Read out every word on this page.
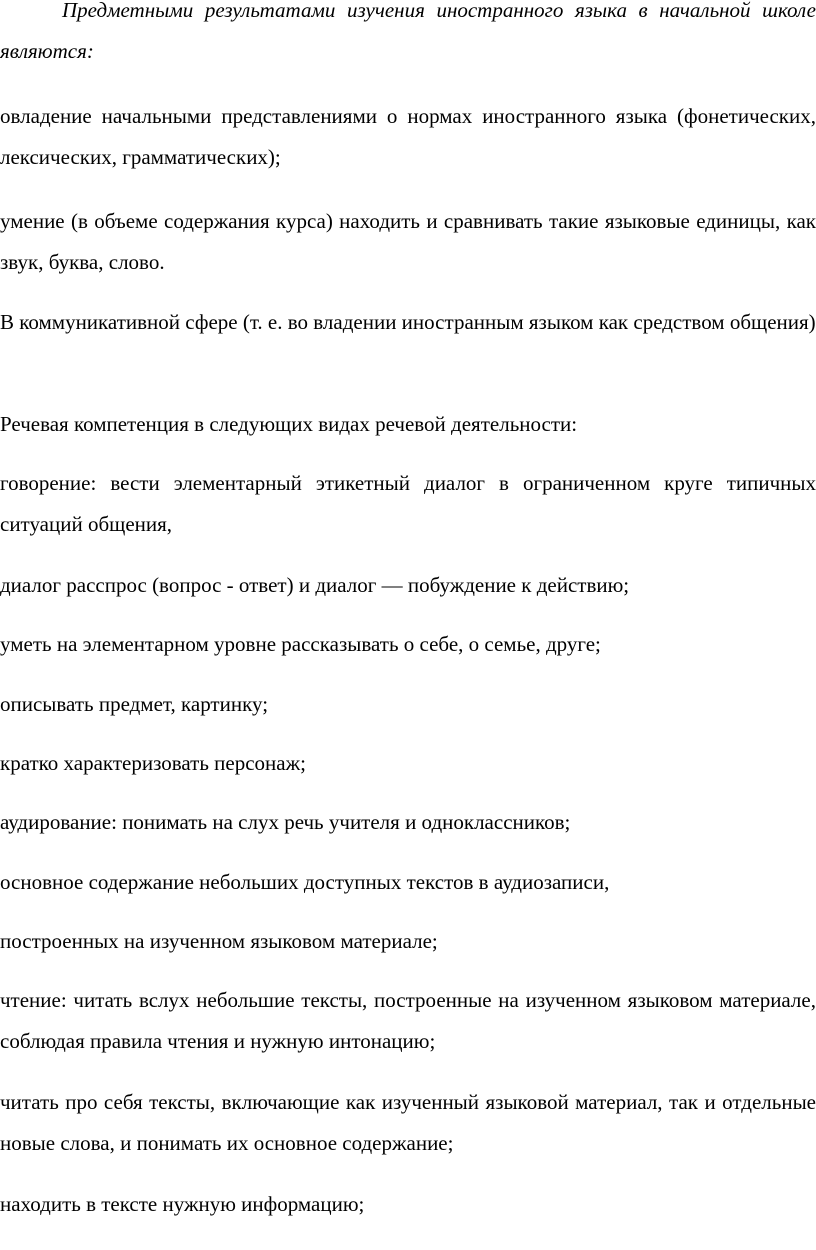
Предметными результатами изучения иностранного языка в начальной школе являются:

овладение начальными представлениями о нормах иностранного языка (фонетических, лексических, грамматических);

умение (в объеме содержания курса) находить и сравнивать такие языковые единицы, как звук, буква, слово.

В коммуникативной сфере (т. е. во владении иностранным языком как средством общения)

Речевая компетенция в следующих видах речевой деятельности:

говорение: вести элементарный этикетный диалог в ограниченном круге типичных ситуаций общения,

диалог расспрос (вопрос - ответ) и диалог — побуждение к действию;

уметь на элементарном уровне рассказывать о себе, о семье, друге;

описывать предмет, картинку;

кратко характеризовать персонаж;

аудирование: понимать на слух речь учителя и одноклассников;

основное содержание небольших доступных текстов в аудиозаписи,

построенных на изученном языковом материале;

чтение: читать вслух небольшие тексты, построенные на изученном языковом материале, соблюдая правила чтения и нужную интонацию;

читать про себя тексты, включающие как изученный языковой материал, так и отдельные новые слова, и понимать их основное содержание;

находить в тексте нужную информацию;
